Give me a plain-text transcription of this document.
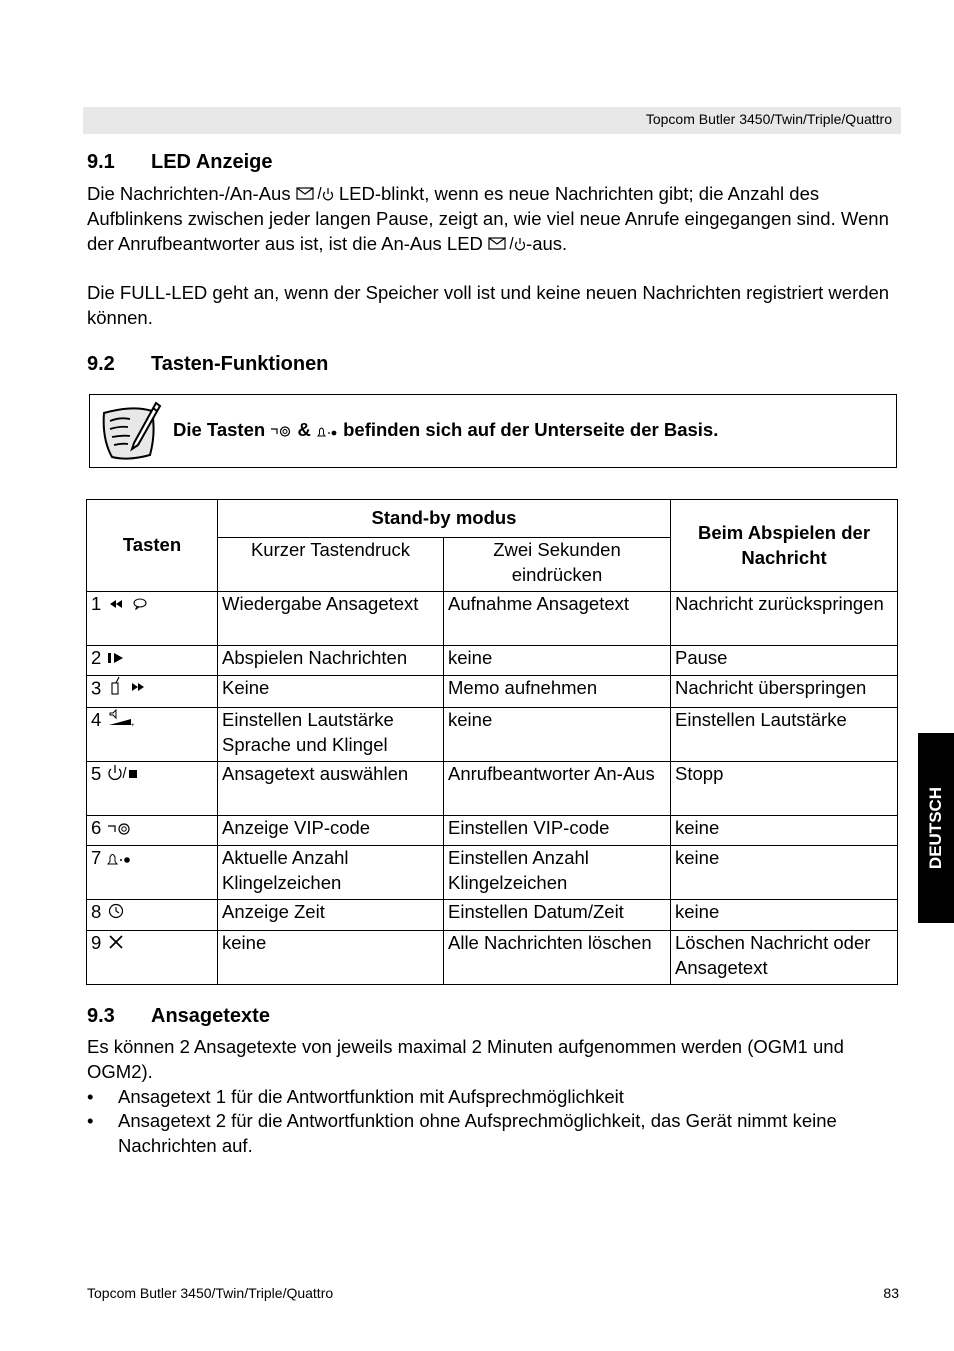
Topcom Butler 3450/Twin/Triple/Quattro
9.1 LED Anzeige
Die Nachrichten-/An-Aus  LED-blinkt, wenn es neue Nachrichten gibt; die Anzahl des Aufblinkens zwischen jeder langen Pause, zeigt an, wie viel neue Anrufe eingegangen sind. Wenn der Anrufbeantworter aus ist, ist die An-Aus LED -aus.
Die FULL-LED geht an, wenn der Speicher voll ist und keine neuen Nachrichten registriert werden können.
9.2 Tasten-Funktionen
Die Tasten  &  befinden sich auf der Unterseite der Basis.
Tasten	Stand-by modus		Beim Abspielen der Nachricht
	Kurzer Tastendruck	Zwei Sekunden eindrücken	
1	Wiedergabe Ansagetext	Aufnahme Ansagetext	Nachricht zurückspringen
2	Abspielen Nachrichten	keine	Pause
3	Keine	Memo aufnehmen	Nachricht überspringen
4 +	Einstellen Lautstärke Sprache und Klingel	keine	Einstellen Lautstärke
5	Ansagetext auswählen	Anrufbeantworter An-Aus	Stopp
6	Anzeige VIP-code	Einstellen VIP-code	keine
7	Aktuelle Anzahl Klingelzeichen	Einstellen Anzahl Klingelzeichen	keine
8	Anzeige Zeit	Einstellen Datum/Zeit	keine
9	keine	Alle Nachrichten löschen	Löschen Nachricht oder Ansagetext
9.3 Ansagetexte
Es können 2 Ansagetexte von jeweils maximal 2 Minuten aufgenommen werden (OGM1 und OGM2).
• Ansagetext 1 für die Antwortfunktion mit Aufsprechmöglichkeit
• Ansagetext 2 für die Antwortfunktion ohne Aufsprechmöglichkeit, das Gerät nimmt keine Nachrichten auf.
DEUTSCH
Topcom Butler 3450/Twin/Triple/Quattro	83
